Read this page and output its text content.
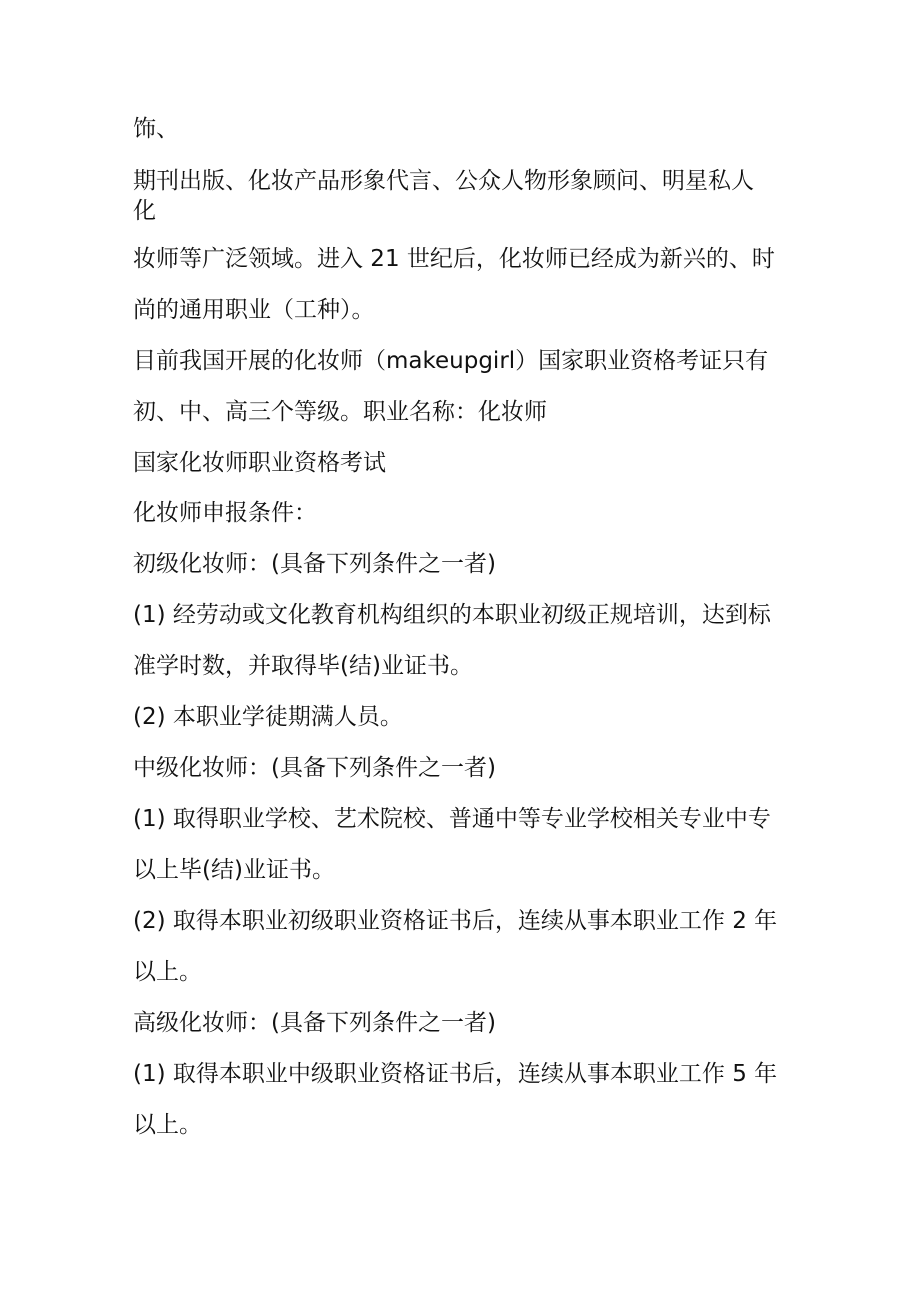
饰、

期刊出版、化妆产品形象代言、公众人物形象顾问、明星私人

化

妆师等广泛领域。进入 21 世纪后，化妆师已经成为新兴的、时

尚的通用职业（工种）。

目前我国开展的化妆师（makeupgirl）国家职业资格考证只有

初、中、高三个等级。职业名称：化妆师

国家化妆师职业资格考试

化妆师申报条件：

初级化妆师：(具备下列条件之一者)

(1) 经劳动或文化教育机构组织的本职业初级正规培训，达到标

准学时数，并取得毕(结)业证书。

(2) 本职业学徒期满人员。

中级化妆师：(具备下列条件之一者)

(1) 取得职业学校、艺术院校、普通中等专业学校相关专业中专

以上毕(结)业证书。

(2) 取得本职业初级职业资格证书后，连续从事本职业工作 2 年

以上。

高级化妆师：(具备下列条件之一者)

(1) 取得本职业中级职业资格证书后，连续从事本职业工作 5 年

以上。
